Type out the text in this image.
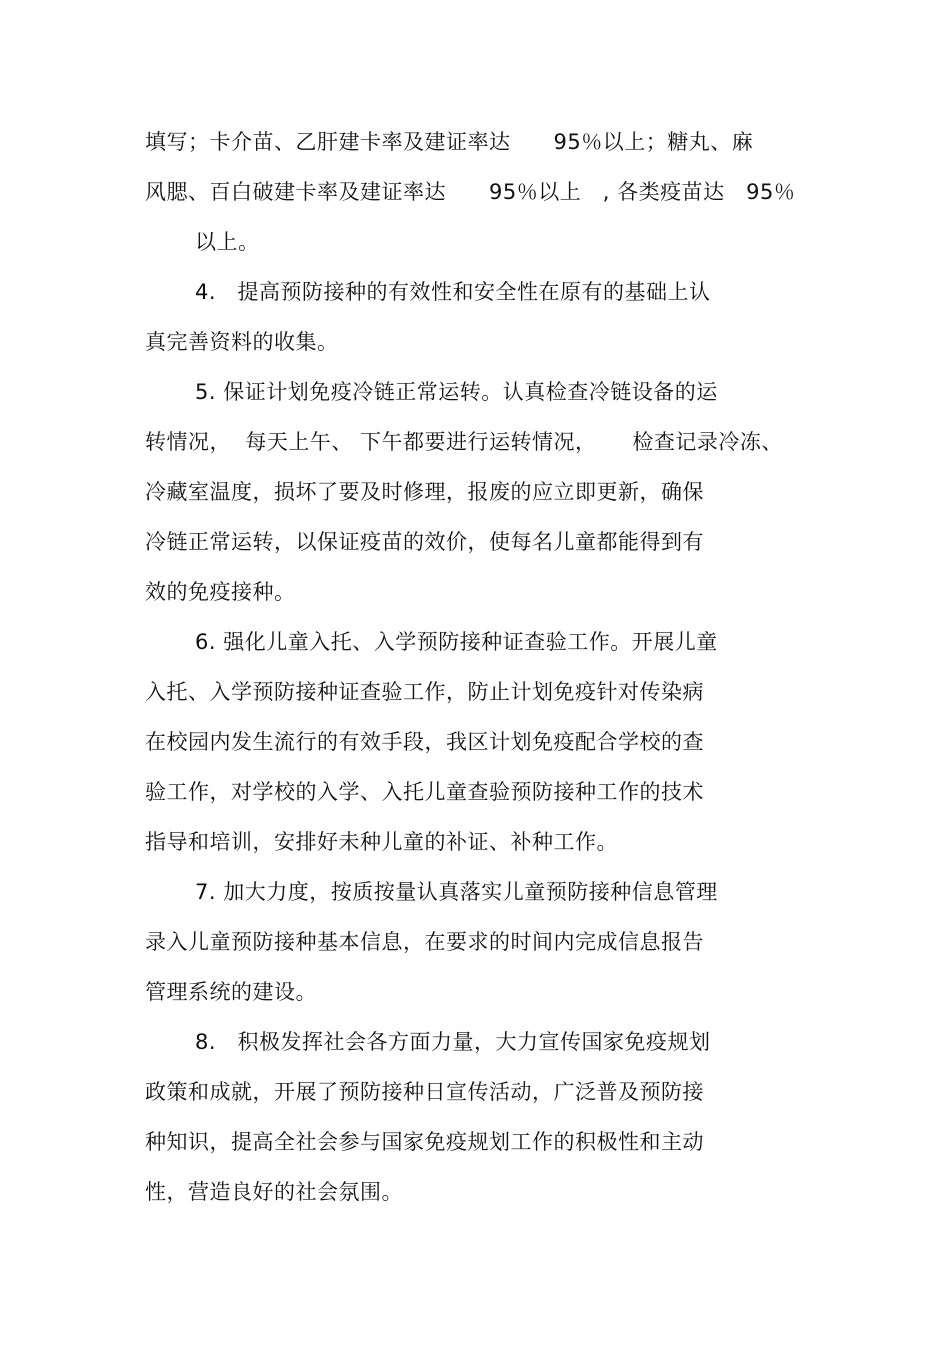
填写；卡介苗、乙肝建卡率及建证率达      95％以上；糖丸、麻
风腮、百白破建卡率及建证率达      95％以上   , 各类疫苗达   95％
以上。
4.   提高预防接种的有效性和安全性在原有的基础上认
真完善资料的收集。
5. 保证计划免疫冷链正常运转。认真检查冷链设备的运
转情况，  每天上午、 下午都要进行运转情况，     检查记录冷冻、
冷藏室温度，损坏了要及时修理，报废的应立即更新，确保
冷链正常运转，以保证疫苗的效价，使每名儿童都能得到有
效的免疫接种。
6. 强化儿童入托、入学预防接种证查验工作。开展儿童
入托、入学预防接种证查验工作，防止计划免疫针对传染病
在校园内发生流行的有效手段，我区计划免疫配合学校的查
验工作，对学校的入学、入托儿童查验预防接种工作的技术
指导和培训，安排好未种儿童的补证、补种工作。
7. 加大力度，按质按量认真落实儿童预防接种信息管理
录入儿童预防接种基本信息，在要求的时间内完成信息报告
管理系统的建设。
8.   积极发挥社会各方面力量，大力宣传国家免疫规划
政策和成就，开展了预防接种日宣传活动，广泛普及预防接
种知识，提高全社会参与国家免疫规划工作的积极性和主动
性，营造良好的社会氛围。
